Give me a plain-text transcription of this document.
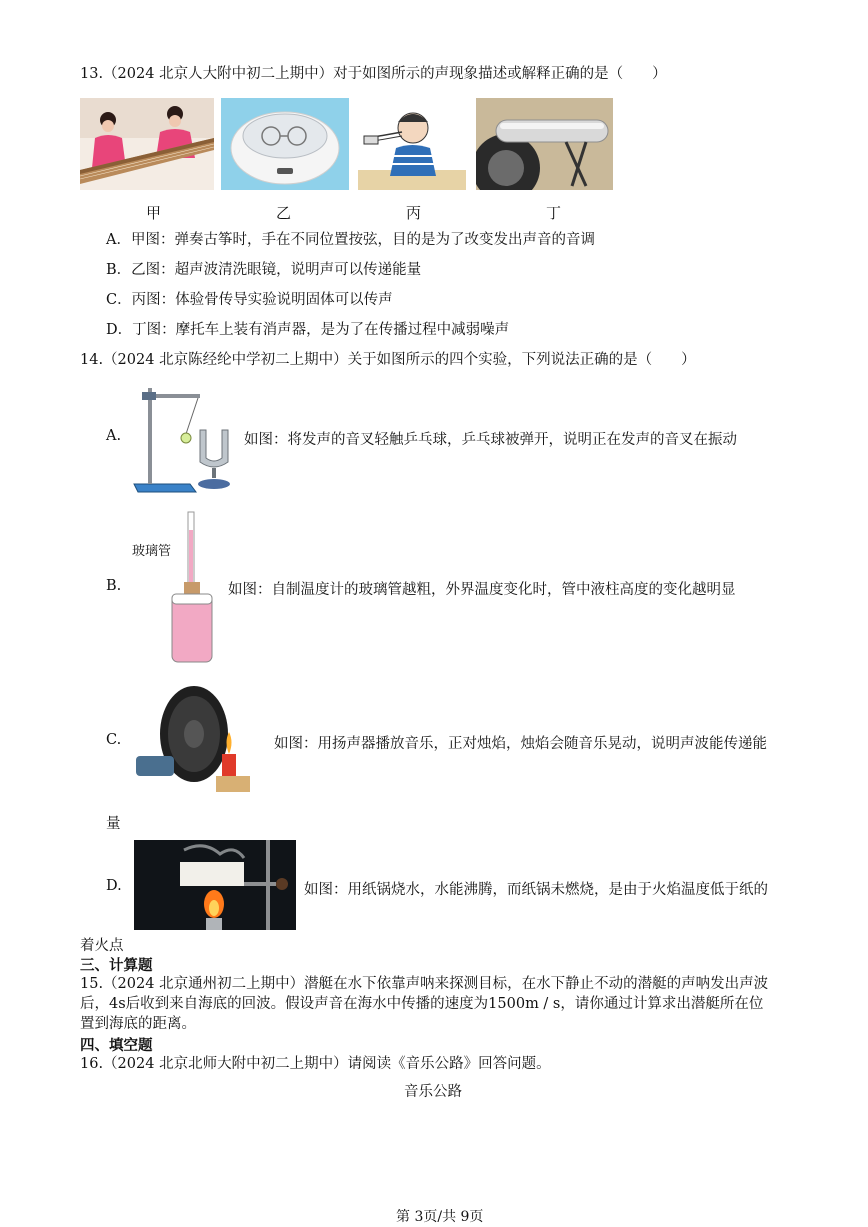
13.（2024 北京人大附中初二上期中）对于如图所示的声现象描述或解释正确的是（　　）
甲	乙	丙	丁
A．甲图：弹奏古筝时，手在不同位置按弦，目的是为了改变发出声音的音调
B．乙图：超声波清洗眼镜，说明声可以传递能量
C．丙图：体验骨传导实验说明固体可以传声
D．丁图：摩托车上装有消声器，是为了在传播过程中减弱噪声
14.（2024 北京陈经纶中学初二上期中）关于如图所示的四个实验，下列说法正确的是（　　）
A.	如图：将发声的音叉轻触乒乓球，乒乓球被弹开，说明正在发声的音叉在振动
B.
玻璃管
如图：自制温度计的玻璃管越粗，外界温度变化时，管中液柱高度的变化越明显
C.	如图：用扬声器播放音乐，正对烛焰，烛焰会随音乐晃动，说明声波能传递能
量
D.	如图：用纸锅烧水，水能沸腾，而纸锅未燃烧，是由于火焰温度低于纸的
着火点
三、计算题
15.（2024 北京通州初二上期中）潜艇在水下依靠声呐来探测目标，在水下静止不动的潜艇的声呐发出声波
后，4s后收到来自海底的回波。假设声音在海水中传播的速度为1500m / s，请你通过计算求出潜艇所在位
置到海底的距离。
四、填空题
16.（2024 北京北师大附中初二上期中）请阅读《音乐公路》回答问题。
音乐公路
第 3页/共 9页
